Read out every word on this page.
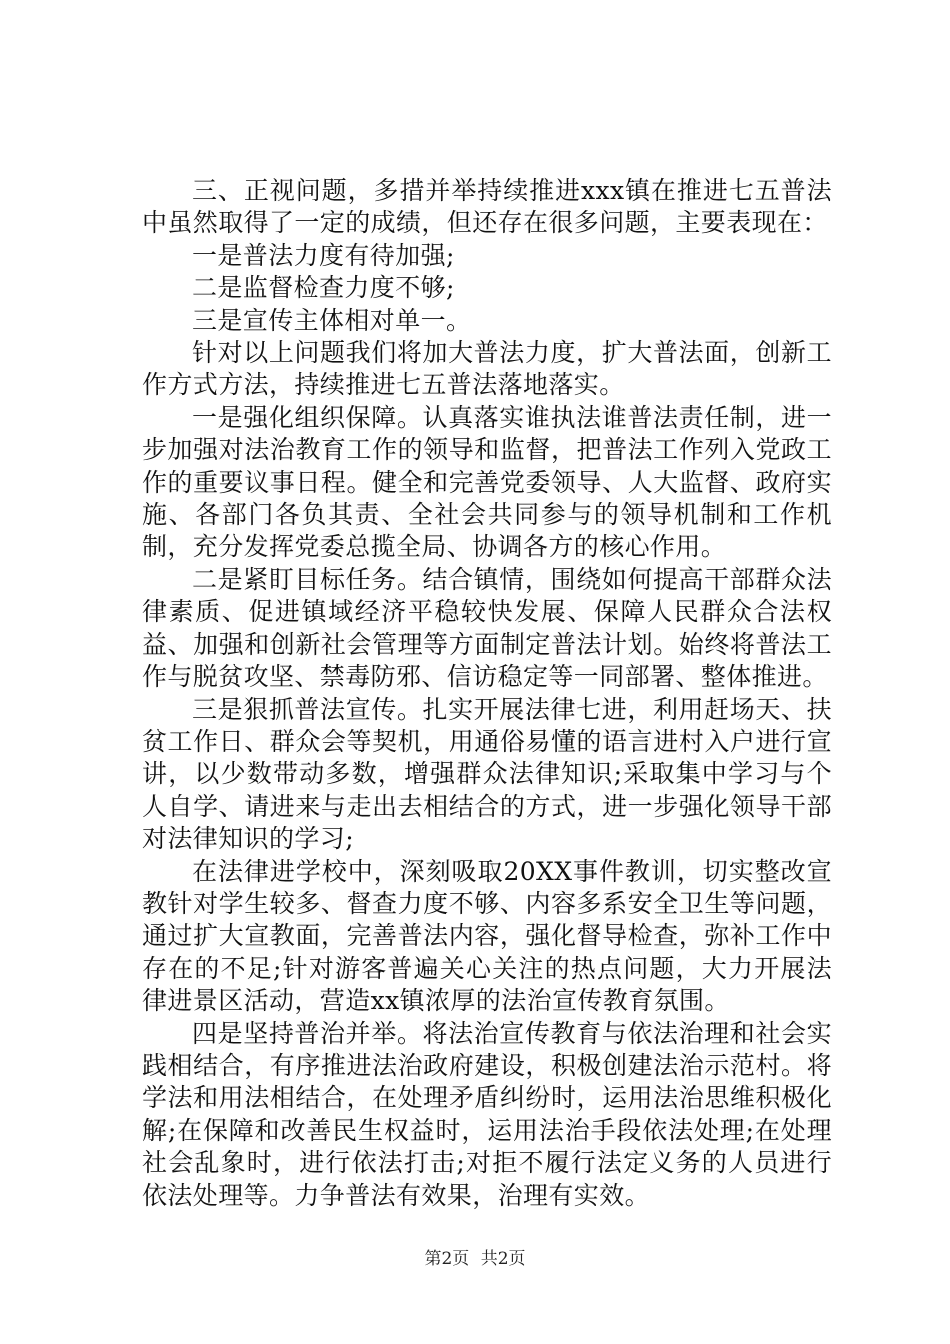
三、正视问题，多措并举持续推进xxx镇在推进七五普法中虽然取得了一定的成绩，但还存在很多问题，主要表现在：

一是普法力度有待加强;

二是监督检查力度不够;

三是宣传主体相对单一。

针对以上问题我们将加大普法力度，扩大普法面，创新工作方式方法，持续推进七五普法落地落实。

一是强化组织保障。认真落实谁执法谁普法责任制，进一步加强对法治教育工作的领导和监督，把普法工作列入党政工作的重要议事日程。健全和完善党委领导、人大监督、政府实施、各部门各负其责、全社会共同参与的领导机制和工作机制，充分发挥党委总揽全局、协调各方的核心作用。

二是紧盯目标任务。结合镇情，围绕如何提高干部群众法律素质、促进镇域经济平稳较快发展、保障人民群众合法权益、加强和创新社会管理等方面制定普法计划。始终将普法工作与脱贫攻坚、禁毒防邪、信访稳定等一同部署、整体推进。

三是狠抓普法宣传。扎实开展法律七进，利用赶场天、扶贫工作日、群众会等契机，用通俗易懂的语言进村入户进行宣讲，以少数带动多数，增强群众法律知识;采取集中学习与个人自学、请进来与走出去相结合的方式，进一步强化领导干部对法律知识的学习;

在法律进学校中，深刻吸取20XX事件教训，切实整改宣教针对学生较多、督查力度不够、内容多系安全卫生等问题，通过扩大宣教面，完善普法内容，强化督导检查，弥补工作中存在的不足;针对游客普遍关心关注的热点问题，大力开展法律进景区活动，营造xx镇浓厚的法治宣传教育氛围。

四是坚持普治并举。将法治宣传教育与依法治理和社会实践相结合，有序推进法治政府建设，积极创建法治示范村。将学法和用法相结合，在处理矛盾纠纷时，运用法治思维积极化解;在保障和改善民生权益时，运用法治手段依法处理;在处理社会乱象时，进行依法打击;对拒不履行法定义务的人员进行依法处理等。力争普法有效果，治理有实效。

第2页 共2页
